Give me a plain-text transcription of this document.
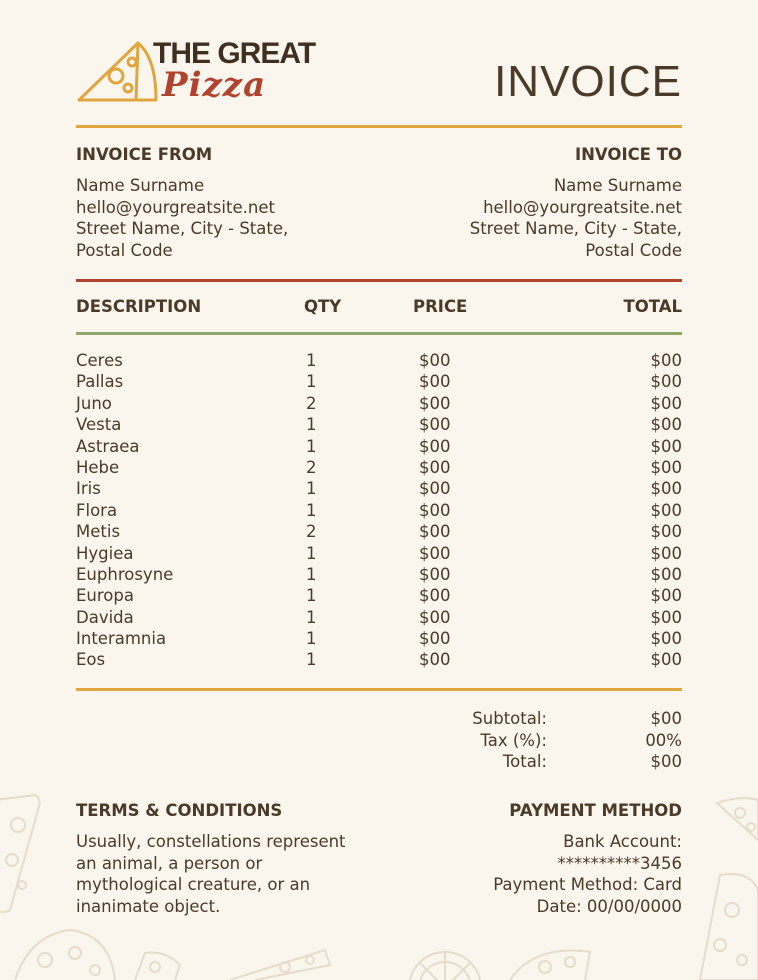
THE GREAT
Pizza	INVOICE
INVOICE FROM	INVOICE TO
Name Surname
hello@yourgreatsite.net
Street Name, City - State,
Postal Code
Name Surname
hello@yourgreatsite.net
Street Name, City - State,
Postal Code
DESCRIPTION	QTY	PRICE	TOTAL
Ceres	1	$00	$00
Pallas	1	$00	$00
Juno	2	$00	$00
Vesta	1	$00	$00
Astraea	1	$00	$00
Hebe	2	$00	$00
Iris	1	$00	$00
Flora	1	$00	$00
Metis	2	$00	$00
Hygiea	1	$00	$00
Euphrosyne	1	$00	$00
Europa	1	$00	$00
Davida	1	$00	$00
Interamnia	1	$00	$00
Eos	1	$00	$00
Subtotal:	$00
Tax (%):	00%
Total:	$00
TERMS & CONDITIONS	PAYMENT METHOD
Usually, constellations represent
an animal, a person or
mythological creature, or an
inanimate object.
Bank Account:
**********3456
Payment Method: Card
Date: 00/00/0000
